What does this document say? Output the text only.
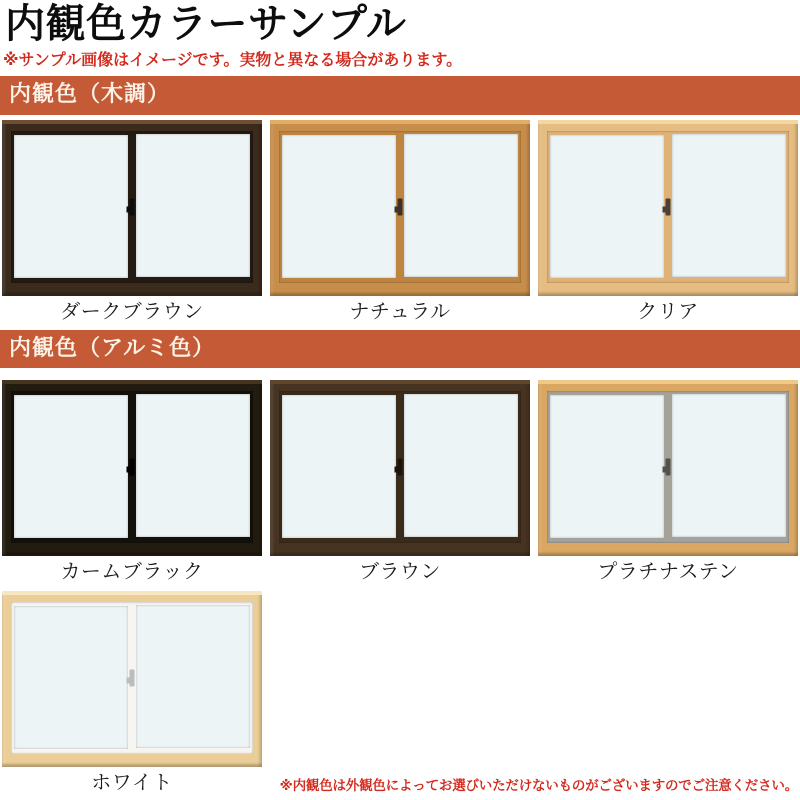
内観色カラーサンプル

※サンプル画像はイメージです。実物と異なる場合があります。

内観色（木調）
ダークブラウン	ナチュラル	クリア
内観色（アルミ色）
カームブラック	ブラウン	プラチナステン
ホワイト	※内観色は外観色によってお選びいただけないものがございますのでご注意ください。
